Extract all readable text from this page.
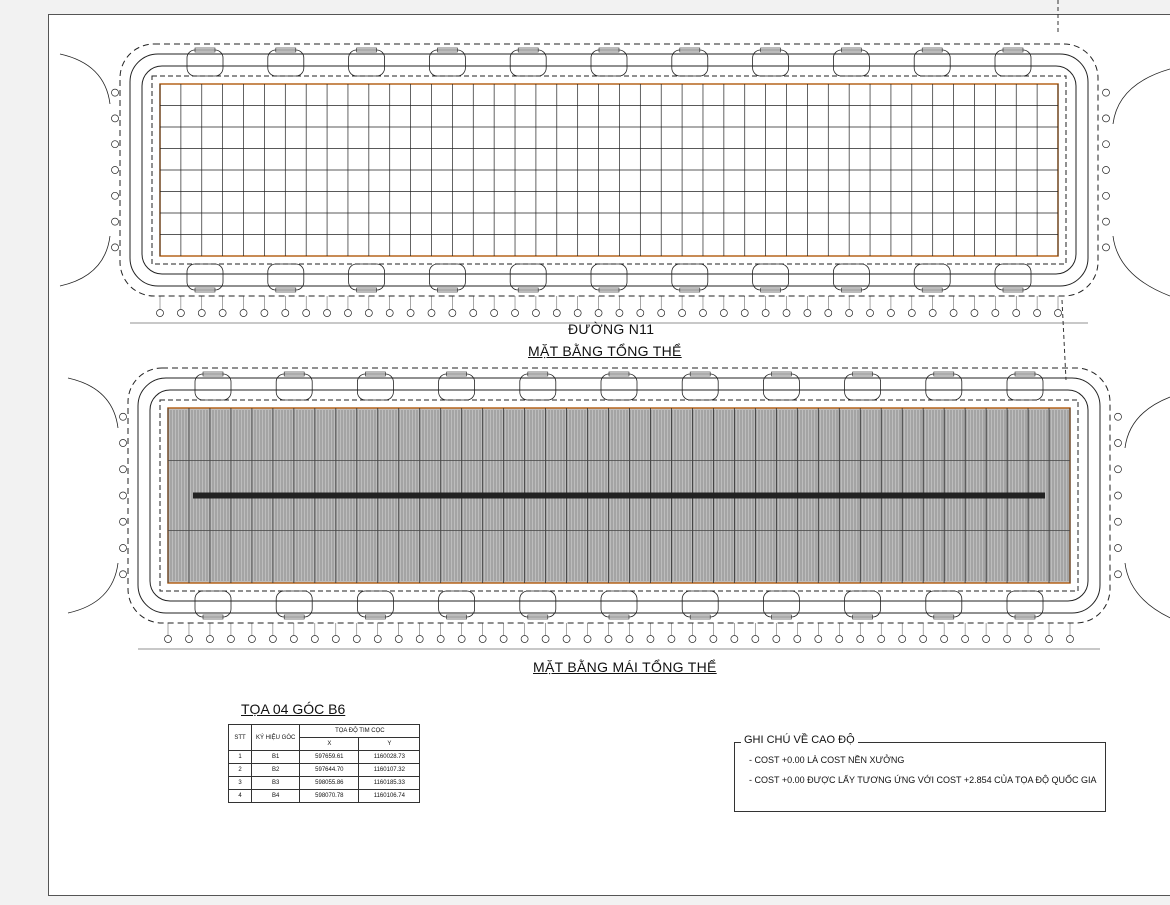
ĐƯỜNG N11
MẶT BẰNG TỔNG THỂ
MẶT BẰNG MÁI TỔNG THỂ
TỌA 04 GÓC B6
STT	KÝ HIỆU GÓC	TỌA ĐỘ TIM CỌC	
		X	Y
1	B1	597659.61	1160028.73
2	B2	597644.70	1160107.32
3	B3	598055.86	1160185.33
4	B4	598070.78	1160106.74
GHI CHÚ VỀ CAO ĐỘ
- COST +0.00 LÀ COST NỀN XƯỞNG
- COST +0.00 ĐƯỢC LẤY TƯƠNG ỨNG VỚI COST +2.854 CỦA TỌA ĐỘ QUỐC GIA
